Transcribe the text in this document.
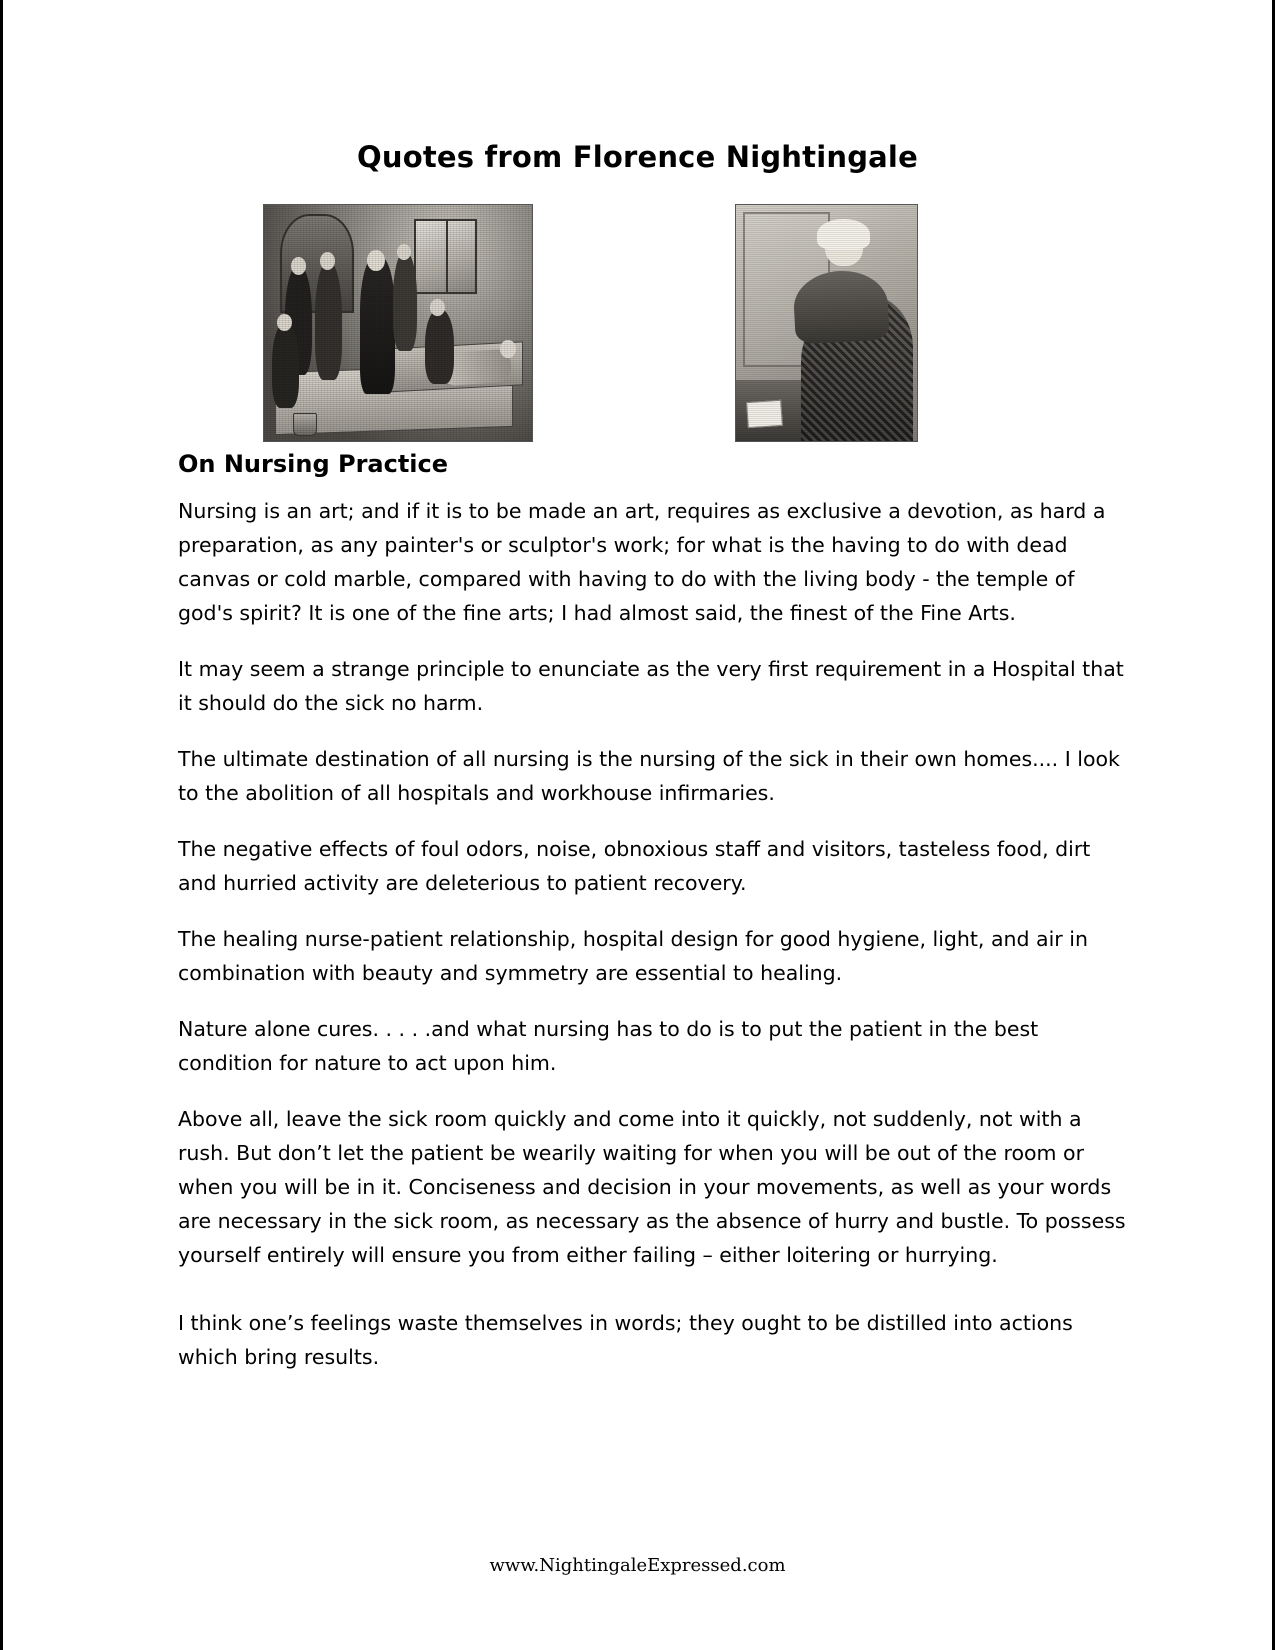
Quotes from Florence Nightingale
On Nursing Practice

Nursing is an art; and if it is to be made an art, requires as exclusive a devotion, as hard a preparation, as any painter's or sculptor's work; for what is the having to do with dead canvas or cold marble, compared with having to do with the living body - the temple of god's spirit? It is one of the fine arts; I had almost said, the finest of the Fine Arts.

It may seem a strange principle to enunciate as the very first requirement in a Hospital that it should do the sick no harm.

The ultimate destination of all nursing is the nursing of the sick in their own homes.... I look to the abolition of all hospitals and workhouse infirmaries.

The negative effects of foul odors, noise, obnoxious staff and visitors, tasteless food, dirt and hurried activity are deleterious to patient recovery.

The healing nurse-patient relationship, hospital design for good hygiene, light, and air in combination with beauty and symmetry are essential to healing.

Nature alone cures. . . . .and what nursing has to do is to put the patient in the best condition for nature to act upon him.

Above all, leave the sick room quickly and come into it quickly, not suddenly, not with a rush. But don’t let the patient be wearily waiting for when you will be out of the room or when you will be in it. Conciseness and decision in your movements, as well as your words are necessary in the sick room, as necessary as the absence of hurry and bustle. To possess yourself entirely will ensure you from either failing – either loitering or hurrying.

I think one’s feelings waste themselves in words; they ought to be distilled into actions which bring results.

www.NightingaleExpressed.com
